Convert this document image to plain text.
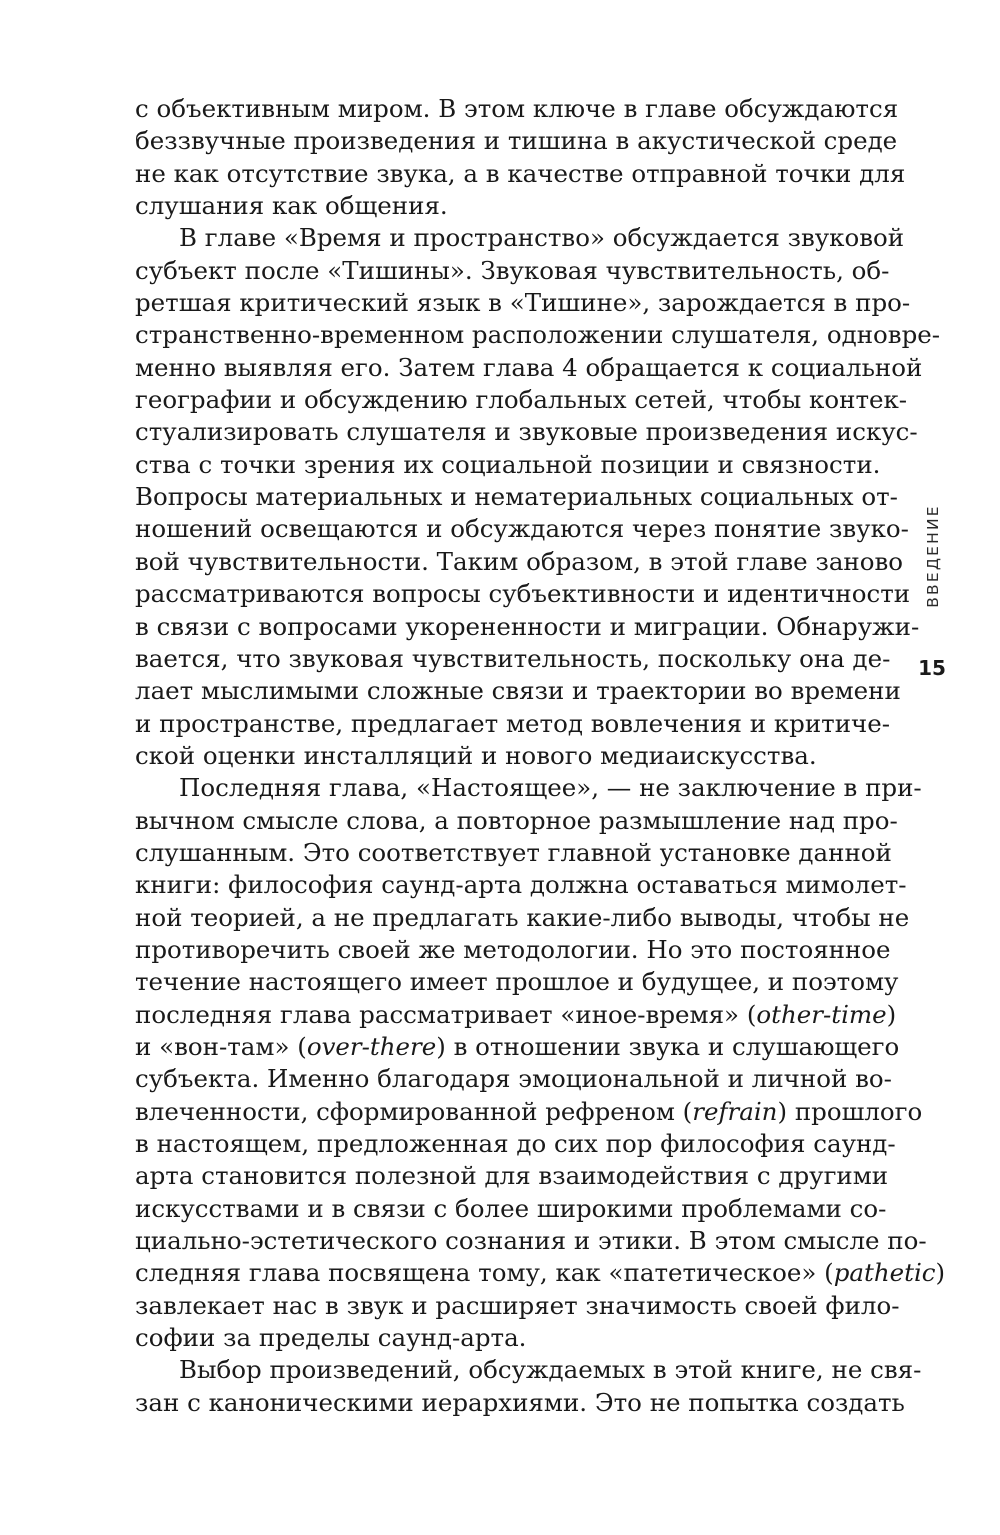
с объективным миром. В этом ключе в главе обсуждаются
беззвучные произведения и тишина в акустической среде
не как отсутствие звука, а в качестве отправной точки для
слушания как общения.
В главе «Время и пространство» обсуждается звуковой
субъект после «Тишины». Звуковая чувствительность, об-
ретшая критический язык в «Тишине», зарождается в про-
странственно-временном расположении слушателя, одновре-
менно выявляя его. Затем глава 4 обращается к социальной
географии и обсуждению глобальных сетей, чтобы контек-
стуализировать слушателя и звуковые произведения искус-
ства с точки зрения их социальной позиции и связности.
Вопросы материальных и нематериальных социальных от-
ношений освещаются и обсуждаются через понятие звуко-
вой чувствительности. Таким образом, в этой главе заново
рассматриваются вопросы субъективности и идентичности
в связи с вопросами укорененности и миграции. Обнаружи-
вается, что звуковая чувствительность, поскольку она де-
лает мыслимыми сложные связи и траектории во времени
и пространстве, предлагает метод вовлечения и критиче-
ской оценки инсталляций и нового медиаискусства.
Последняя глава, «Настоящее», — не заключение в при-
вычном смысле слова, а повторное размышление над про-
слушанным. Это соответствует главной установке данной
книги: философия саунд-арта должна оставаться мимолет-
ной теорией, а не предлагать какие-либо выводы, чтобы не
противоречить своей же методологии. Но это постоянное
течение настоящего имеет прошлое и будущее, и поэтому
последняя глава рассматривает «иное-время» (other-time)
и «вон-там» (over-there) в отношении звука и слушающего
субъекта. Именно благодаря эмоциональной и личной во-
влеченности, сформированной рефреном (refrain) прошлого
в настоящем, предложенная до сих пор философия саунд-
арта становится полезной для взаимодействия с другими
искусствами и в связи с более широкими проблемами со-
циально-эстетического сознания и этики. В этом смысле по-
следняя глава посвящена тому, как «патетическое» (pathetic)
завлекает нас в звук и расширяет значимость своей фило-
софии за пределы саунд-арта.
Выбор произведений, обсуждаемых в этой книге, не свя-
зан с каноническими иерархиями. Это не попытка создать
ВВЕДЕНИЕ
15
